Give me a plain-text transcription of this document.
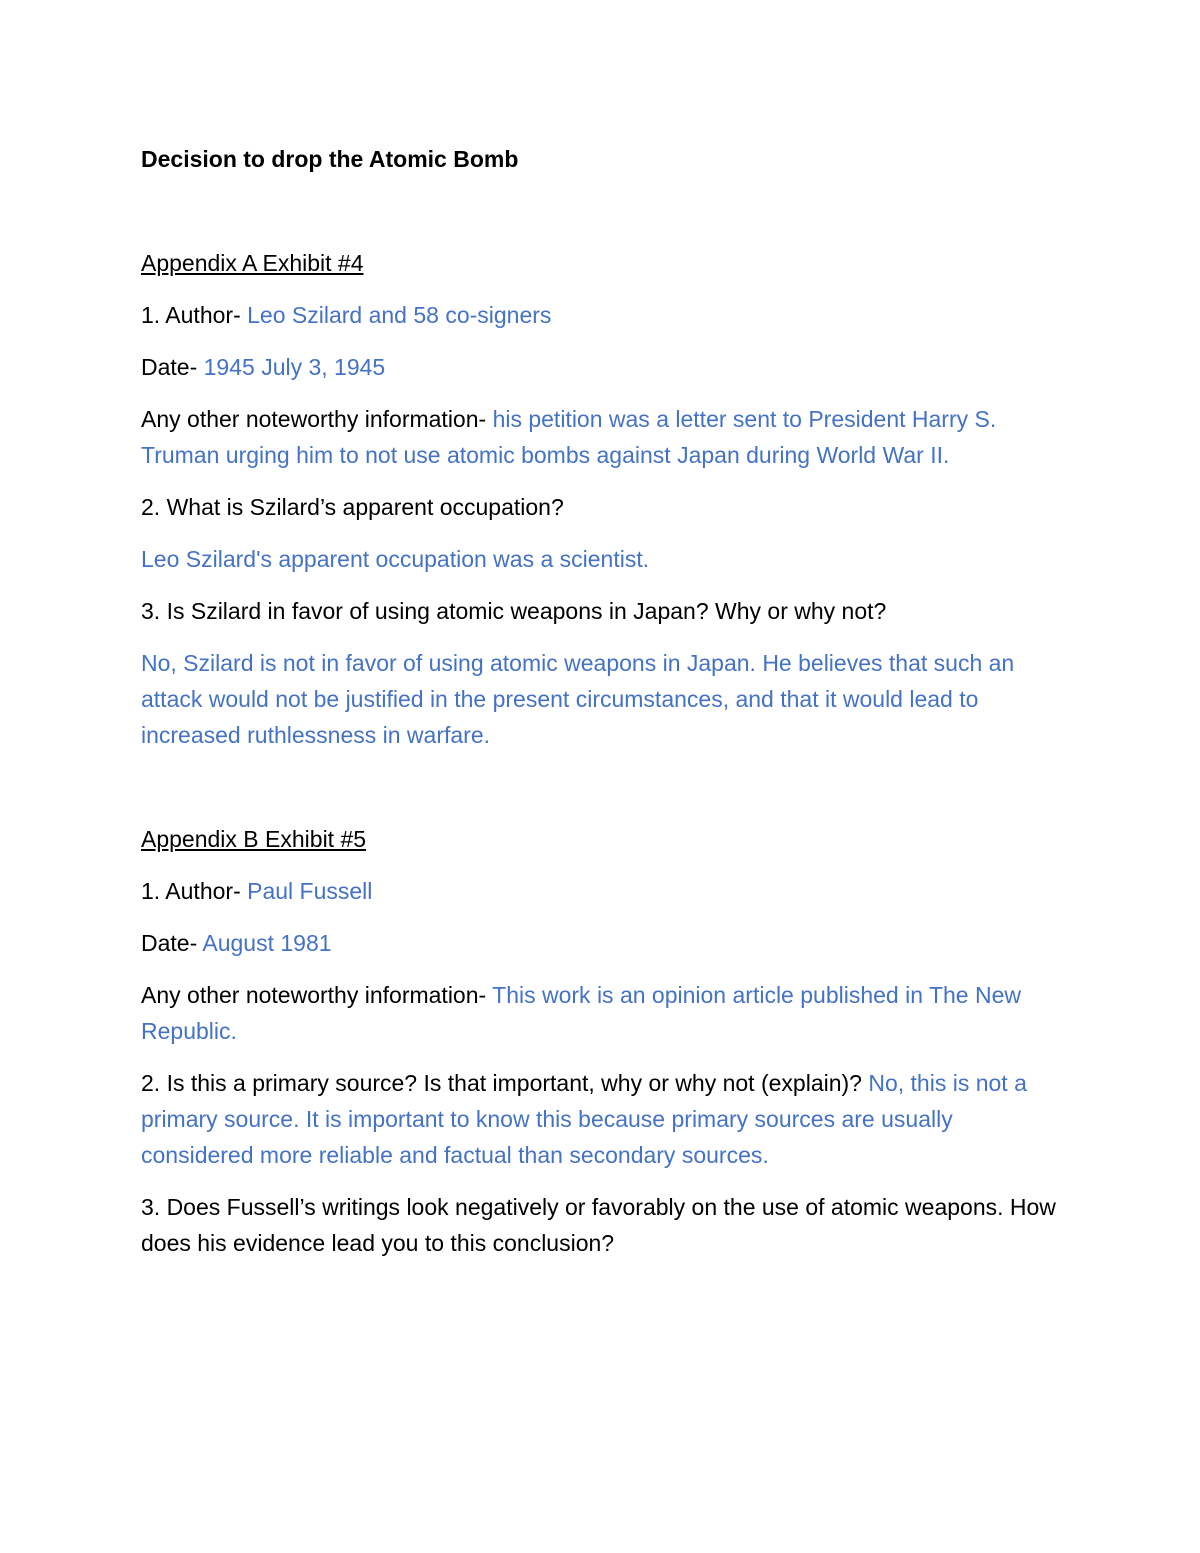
Decision to drop the Atomic Bomb
Appendix A Exhibit #4
1. Author- Leo Szilard and 58 co-signers
Date- 1945 July 3, 1945
Any other noteworthy information- his petition was a letter sent to President Harry S. Truman urging him to not use atomic bombs against Japan during World War II.
2. What is Szilard’s apparent occupation?
Leo Szilard's apparent occupation was a scientist.
3. Is Szilard in favor of using atomic weapons in Japan? Why or why not?
No, Szilard is not in favor of using atomic weapons in Japan. He believes that such an attack would not be justified in the present circumstances, and that it would lead to increased ruthlessness in warfare.
Appendix B Exhibit #5
1. Author- Paul Fussell
Date- August 1981
Any other noteworthy information- This work is an opinion article published in The New Republic.
2. Is this a primary source? Is that important, why or why not (explain)? No, this is not a primary source. It is important to know this because primary sources are usually considered more reliable and factual than secondary sources.
3. Does Fussell’s writings look negatively or favorably on the use of atomic weapons. How does his evidence lead you to this conclusion?
